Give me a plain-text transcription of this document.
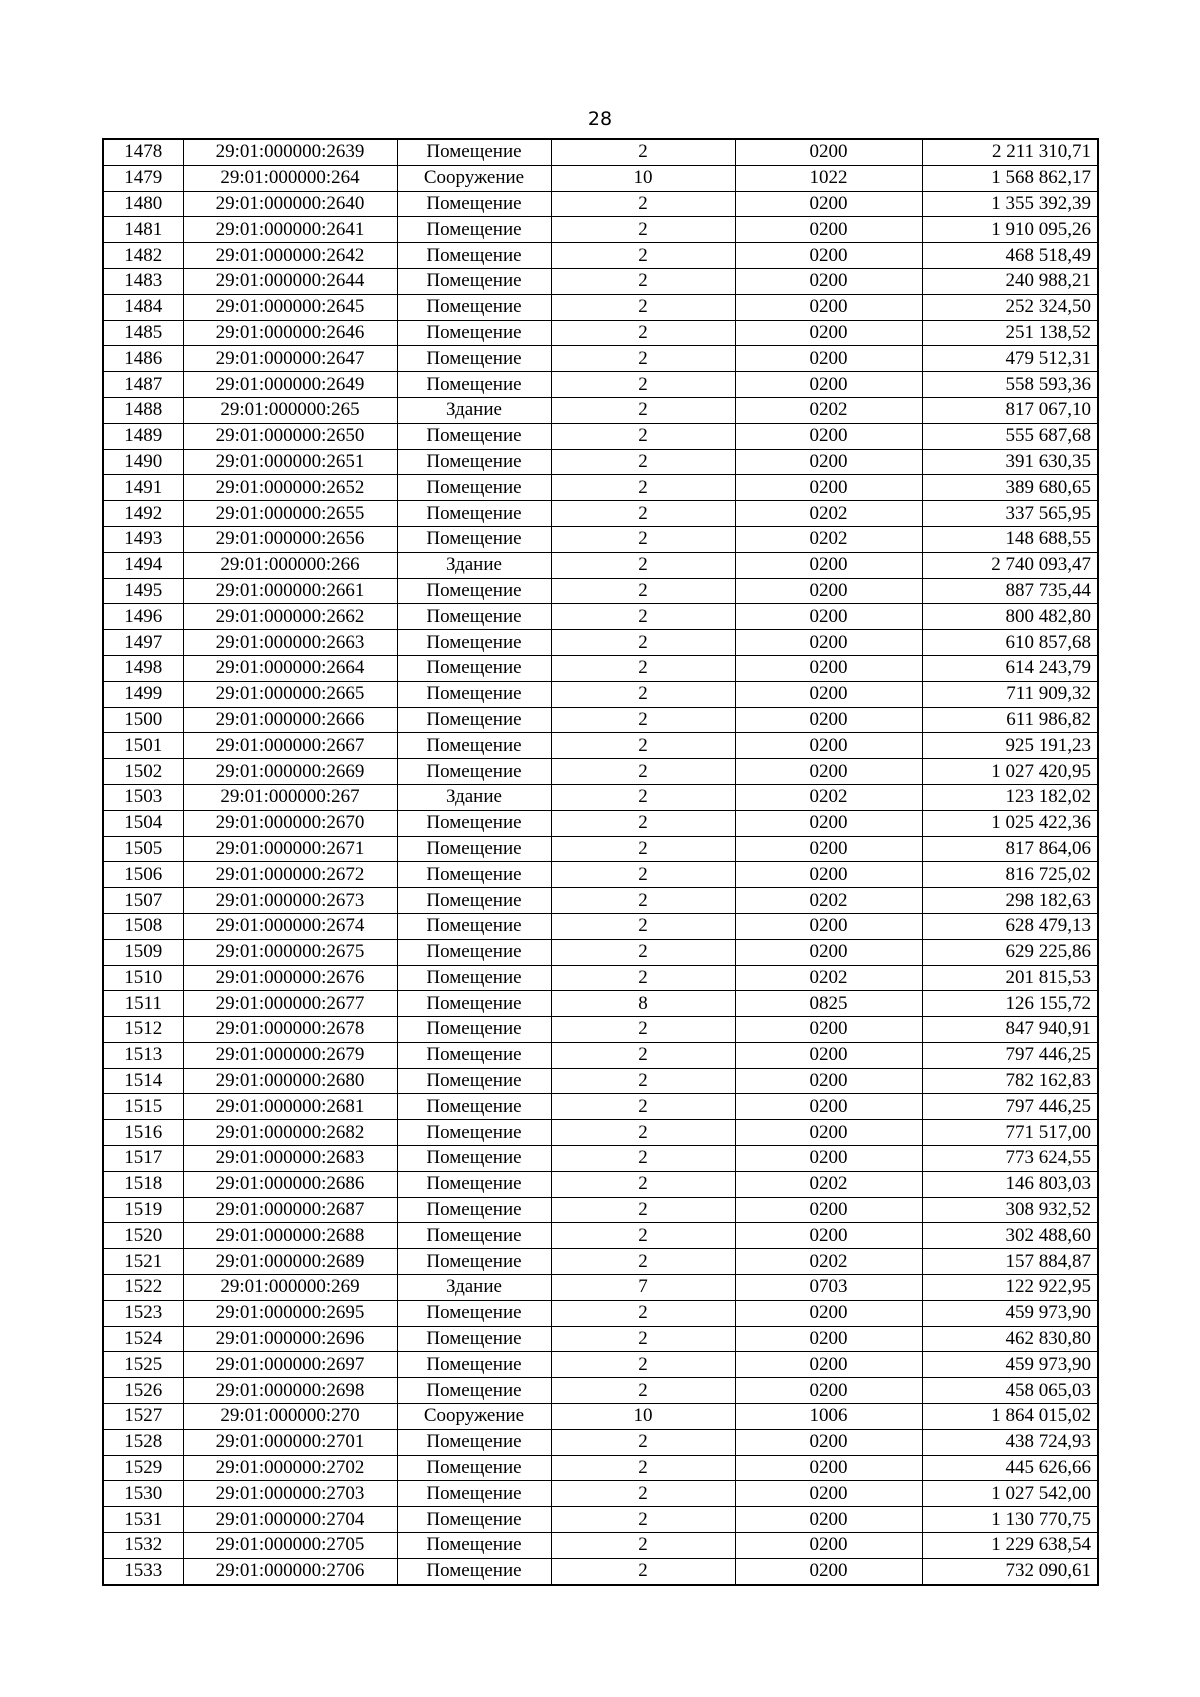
28
1478	29:01:000000:2639	Помещение	2	0200	2 211 310,71
1479	29:01:000000:264	Сооружение	10	1022	1 568 862,17
1480	29:01:000000:2640	Помещение	2	0200	1 355 392,39
1481	29:01:000000:2641	Помещение	2	0200	1 910 095,26
1482	29:01:000000:2642	Помещение	2	0200	468 518,49
1483	29:01:000000:2644	Помещение	2	0200	240 988,21
1484	29:01:000000:2645	Помещение	2	0200	252 324,50
1485	29:01:000000:2646	Помещение	2	0200	251 138,52
1486	29:01:000000:2647	Помещение	2	0200	479 512,31
1487	29:01:000000:2649	Помещение	2	0200	558 593,36
1488	29:01:000000:265	Здание	2	0202	817 067,10
1489	29:01:000000:2650	Помещение	2	0200	555 687,68
1490	29:01:000000:2651	Помещение	2	0200	391 630,35
1491	29:01:000000:2652	Помещение	2	0200	389 680,65
1492	29:01:000000:2655	Помещение	2	0202	337 565,95
1493	29:01:000000:2656	Помещение	2	0202	148 688,55
1494	29:01:000000:266	Здание	2	0200	2 740 093,47
1495	29:01:000000:2661	Помещение	2	0200	887 735,44
1496	29:01:000000:2662	Помещение	2	0200	800 482,80
1497	29:01:000000:2663	Помещение	2	0200	610 857,68
1498	29:01:000000:2664	Помещение	2	0200	614 243,79
1499	29:01:000000:2665	Помещение	2	0200	711 909,32
1500	29:01:000000:2666	Помещение	2	0200	611 986,82
1501	29:01:000000:2667	Помещение	2	0200	925 191,23
1502	29:01:000000:2669	Помещение	2	0200	1 027 420,95
1503	29:01:000000:267	Здание	2	0202	123 182,02
1504	29:01:000000:2670	Помещение	2	0200	1 025 422,36
1505	29:01:000000:2671	Помещение	2	0200	817 864,06
1506	29:01:000000:2672	Помещение	2	0200	816 725,02
1507	29:01:000000:2673	Помещение	2	0202	298 182,63
1508	29:01:000000:2674	Помещение	2	0200	628 479,13
1509	29:01:000000:2675	Помещение	2	0200	629 225,86
1510	29:01:000000:2676	Помещение	2	0202	201 815,53
1511	29:01:000000:2677	Помещение	8	0825	126 155,72
1512	29:01:000000:2678	Помещение	2	0200	847 940,91
1513	29:01:000000:2679	Помещение	2	0200	797 446,25
1514	29:01:000000:2680	Помещение	2	0200	782 162,83
1515	29:01:000000:2681	Помещение	2	0200	797 446,25
1516	29:01:000000:2682	Помещение	2	0200	771 517,00
1517	29:01:000000:2683	Помещение	2	0200	773 624,55
1518	29:01:000000:2686	Помещение	2	0202	146 803,03
1519	29:01:000000:2687	Помещение	2	0200	308 932,52
1520	29:01:000000:2688	Помещение	2	0200	302 488,60
1521	29:01:000000:2689	Помещение	2	0202	157 884,87
1522	29:01:000000:269	Здание	7	0703	122 922,95
1523	29:01:000000:2695	Помещение	2	0200	459 973,90
1524	29:01:000000:2696	Помещение	2	0200	462 830,80
1525	29:01:000000:2697	Помещение	2	0200	459 973,90
1526	29:01:000000:2698	Помещение	2	0200	458 065,03
1527	29:01:000000:270	Сооружение	10	1006	1 864 015,02
1528	29:01:000000:2701	Помещение	2	0200	438 724,93
1529	29:01:000000:2702	Помещение	2	0200	445 626,66
1530	29:01:000000:2703	Помещение	2	0200	1 027 542,00
1531	29:01:000000:2704	Помещение	2	0200	1 130 770,75
1532	29:01:000000:2705	Помещение	2	0200	1 229 638,54
1533	29:01:000000:2706	Помещение	2	0200	732 090,61
